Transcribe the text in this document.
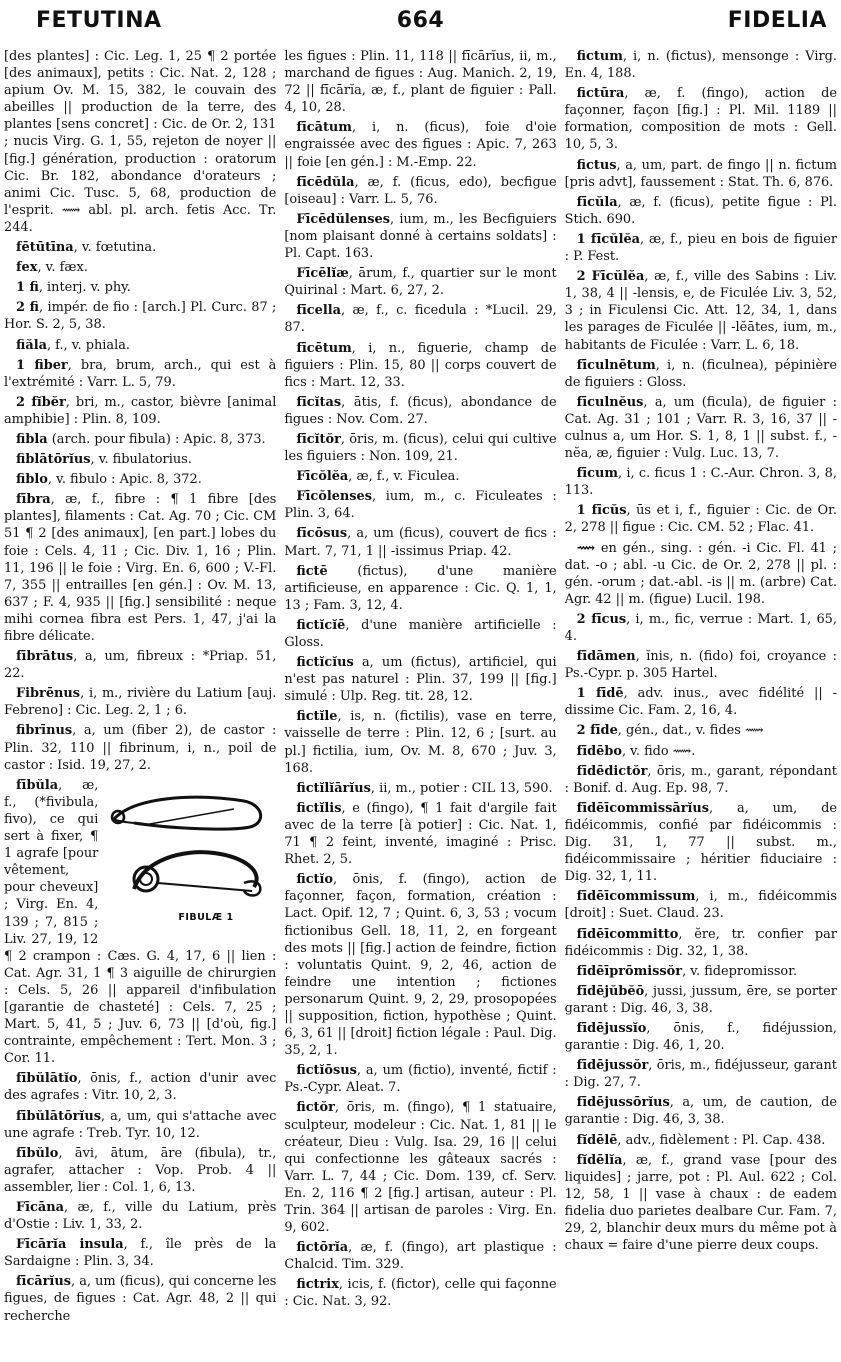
664
FETUTINA	FIDELIA

[des plantes] : Cic. Leg. 1, 25 ¶ 2 portée [des animaux], petits : Cic. Nat. 2, 128 ; apium Ov. M. 15, 382, le couvain des abeilles || production de la terre, des plantes [sens concret] : Cic. de Or. 2, 131 ; nucis Virg. G. 1, 55, rejeton de noyer || [fig.] génération, production : oratorum Cic. Br. 182, abondance d'orateurs ; animi Cic. Tusc. 5, 68, production de l'esprit. ⟿ abl. pl. arch. fetis Acc. Tr. 244.

fētūtīna, v. fœtutina.

fex, v. fæx.

1 fi, interj. v. phy.

2 fi, impér. de fio : [arch.] Pl. Curc. 87 ; Hor. S. 2, 5, 38.

fiăla, f., v. phiala.

1 fiber, bra, brum, arch., qui est à l'extrémité : Varr. L. 5, 79.

2 fĭbĕr, bri, m., castor, bièvre [animal amphibie] : Plin. 8, 109.

fibla (arch. pour fibula) : Apic. 8, 373.

fiblātōrĭus, v. fibulatorius.

fiblo, v. fibulo : Apic. 8, 372.

fībra, æ, f., fibre : ¶ 1 fibre [des plantes], filaments : Cat. Ag. 70 ; Cic. CM 51 ¶ 2 [des animaux], [en part.] lobes du foie : Cels. 4, 11 ; Cic. Div. 1, 16 ; Plin. 11, 196 || le foie : Virg. En. 6, 600 ; V.-Fl. 7, 355 || entrailles [en gén.] : Ov. M. 13, 637 ; F. 4, 935 || [fig.] sensibilité : neque mihi cornea fibra est Pers. 1, 47, j'ai la fibre délicate.

fībrātus, a, um, fibreux : *Priap. 51, 22.

Fibrēnus, i, m., rivière du Latium [auj. Febreno] : Cic. Leg. 2, 1 ; 6.

fibrīnus, a, um (fiber 2), de castor : Plin. 32, 110 || fibrinum, i, n., poil de castor : Isid. 19, 27, 2.

FIBULÆ 1
fībŭla, æ, f., (*fivibula, fivo), ce qui sert à fixer, ¶ 1 agrafe [pour vêtement, pour cheveux] ; Virg. En. 4, 139 ; 7, 815 ; Liv. 27, 19, 12 ¶ 2 crampon : Cæs. G. 4, 17, 6 || lien : Cat. Agr. 31, 1 ¶ 3 aiguille de chirurgien : Cels. 5, 26 || appareil d'infibulation [garantie de chasteté] : Cels. 7, 25 ; Mart. 5, 41, 5 ; Juv. 6, 73 || [d'où, fig.] contrainte, empêchement : Tert. Mon. 3 ; Cor. 11.

fībŭlātĭo, ōnis, f., action d'unir avec des agrafes : Vitr. 10, 2, 3.

fībŭlātōrĭus, a, um, qui s'attache avec une agrafe : Treb. Tyr. 10, 12.

fībŭlo, āvi, ātum, āre (fibula), tr., agrafer, attacher : Vop. Prob. 4 || assembler, lier : Col. 1, 6, 13.

Fīcāna, æ, f., ville du Latium, près d'Ostie : Liv. 1, 33, 2.

Fīcārĭa insula, f., île près de la Sardaigne : Plin. 3, 34.

fīcārĭus, a, um (ficus), qui concerne les figues, de figues : Cat. Agr. 48, 2 || qui recherche

les figues : Plin. 11, 118 || fīcārĭus, ii, m., marchand de figues : Aug. Manich. 2, 19, 72 || fīcārĭa, æ, f., plant de figuier : Pall. 4, 10, 28.

fīcātum, i, n. (ficus), foie d'oie engraissée avec des figues : Apic. 7, 263 || foie [en gén.] : M.-Emp. 22.

fīcēdŭla, æ, f. (ficus, edo), becfigue [oiseau] : Varr. L. 5, 76.

Fīcēdŭlenses, ium, m., les Becfiguiers [nom plaisant donné à certains soldats] : Pl. Capt. 163.

Fīcēlĭæ, ārum, f., quartier sur le mont Quirinal : Mart. 6, 27, 2.

fīcella, æ, f., c. ficedula : *Lucil. 29, 87.

fīcētum, i, n., figuerie, champ de figuiers : Plin. 15, 80 || corps couvert de fics : Mart. 12, 33.

fīcĭtas, ātis, f. (ficus), abondance de figues : Nov. Com. 27.

fīcĭtŏr, ōris, m. (ficus), celui qui cultive les figuiers : Non. 109, 21.

Fīcŏlĕa, æ, f., v. Ficulea.

Fīcŏlenses, ium, m., c. Ficuleates : Plin. 3, 64.

fīcōsus, a, um (ficus), couvert de fics : Mart. 7, 71, 1 || -issimus Priap. 42.

fictē (fictus), d'une manière artificieuse, en apparence : Cic. Q. 1, 1, 13 ; Fam. 3, 12, 4.

fictĭcĭē, d'une manière artificielle : Gloss.

fictĭcĭus a, um (fictus), artificiel, qui n'est pas naturel : Plin. 37, 199 || [fig.] simulé : Ulp. Reg. tit. 28, 12.

fictĭle, is, n. (fictilis), vase en terre, vaisselle de terre : Plin. 12, 6 ; [surt. au pl.] fictilia, ium, Ov. M. 8, 670 ; Juv. 3, 168.

fictĭlĭārĭus, ii, m., potier : CIL 13, 590.

fictĭlis, e (fingo), ¶ 1 fait d'argile fait avec de la terre [à potier] : Cic. Nat. 1, 71 ¶ 2 feint, inventé, imaginé : Prisc. Rhet. 2, 5.

fictĭo, ōnis, f. (fingo), action de façonner, façon, formation, création : Lact. Opif. 12, 7 ; Quint. 6, 3, 53 ; vocum fictionibus Gell. 18, 11, 2, en forgeant des mots || [fig.] action de feindre, fiction : voluntatis Quint. 9, 2, 46, action de feindre une intention ; fictiones personarum Quint. 9, 2, 29, prosopopées || supposition, fiction, hypothèse ; Quint. 6, 3, 61 || [droit] fiction légale : Paul. Dig. 35, 2, 1.

fictĭōsus, a, um (fictio), inventé, fictif : Ps.-Cypr. Aleat. 7.

fictŏr, ōris, m. (fingo), ¶ 1 statuaire, sculpteur, modeleur : Cic. Nat. 1, 81 || le créateur, Dieu : Vulg. Isa. 29, 16 || celui qui confectionne les gâteaux sacrés : Varr. L. 7, 44 ; Cic. Dom. 139, cf. Serv. En. 2, 116 ¶ 2 [fig.] artisan, auteur : Pl. Trin. 364 || artisan de paroles : Virg. En. 9, 602.

fictōrĭa, æ, f. (fingo), art plastique : Chalcid. Tim. 329.

fictrix, icis, f. (fictor), celle qui façonne : Cic. Nat. 3, 92.

fictum, i, n. (fictus), mensonge : Virg. En. 4, 188.

fictūra, æ, f. (fingo), action de façonner, façon [fig.] : Pl. Mil. 1189 || formation, composition de mots : Gell. 10, 5, 3.

fictus, a, um, part. de fingo || n. fictum [pris advt], faussement : Stat. Th. 6, 876.

fīcŭla, æ, f. (ficus), petite figue : Pl. Stich. 690.

1 fīcŭlĕa, æ, f., pieu en bois de figuier : P. Fest.

2 Fīcŭlĕa, æ, f., ville des Sabins : Liv. 1, 38, 4 || -lensis, e, de Ficulée Liv. 3, 52, 3 ; in Ficulensi Cic. Att. 12, 34, 1, dans les parages de Ficulée || -lĕātes, ium, m., habitants de Ficulée : Varr. L. 6, 18.

fīculnētum, i, n. (ficulnea), pépinière de figuiers : Gloss.

fīculnĕus, a, um (ficula), de figuier : Cat. Ag. 31 ; 101 ; Varr. R. 3, 16, 37 || -culnus a, um Hor. S. 1, 8, 1 || subst. f., -nĕa, æ, figuier : Vulg. Luc. 13, 7.

fīcum, i, c. ficus 1 : C.-Aur. Chron. 3, 8, 113.

1 fīcŭs, ūs et i, f., figuier : Cic. de Or. 2, 278 || figue : Cic. CM. 52 ; Flac. 41.

⟿ en gén., sing. : gén. -i Cic. Fl. 41 ; dat. -o ; abl. -u Cic. de Or. 2, 278 || pl. : gén. -orum ; dat.-abl. -is || m. (arbre) Cat. Agr. 42 || m. (figue) Lucil. 198.

2 fīcus, i, m., fic, verrue : Mart. 1, 65, 4.

fīdāmen, ĭnis, n. (fido) foi, croyance : Ps.-Cypr. p. 305 Hartel.

1 fīdē, adv. inus., avec fidélité || -dissime Cic. Fam. 2, 16, 4.

2 fīde, gén., dat., v. fides ⟿

fīdēbo, v. fido ⟿.

fīdēdictŏr, ōris, m., garant, répondant : Bonif. d. Aug. Ep. 98, 7.

fīdēīcommissārĭus, a, um, de fidéicommis, confié par fidéicommis : Dig. 31, 1, 77 || subst. m., fidéicommissaire ; héritier fiduciaire : Dig. 32, 1, 11.

fīdēīcommissum, i, m., fidéicommis [droit] : Suet. Claud. 23.

fīdēīcommitto, ĕre, tr. confier par fidéicommis : Dig. 32, 1, 38.

fīdēīprōmissŏr, v. fidepromissor.

fīdējŭbĕō, jussi, jussum, ēre, se porter garant : Dig. 46, 3, 38.

fīdējussĭo, ōnis, f., fidéjussion, garantie : Dig. 46, 1, 20.

fīdējussŏr, ōris, m., fidéjusseur, garant : Dig. 27, 7.

fīdējussōrĭus, a, um, de caution, de garantie : Dig. 46, 3, 38.

fĭdēlē, adv., fidèlement : Pl. Cap. 438.

fĭdēlĭa, æ, f., grand vase [pour des liquides] ; jarre, pot : Pl. Aul. 622 ; Col. 12, 58, 1 || vase à chaux : de eadem fidelia duo parietes dealbare Cur. Fam. 7, 29, 2, blanchir deux murs du même pot à chaux = faire d'une pierre deux coups.
